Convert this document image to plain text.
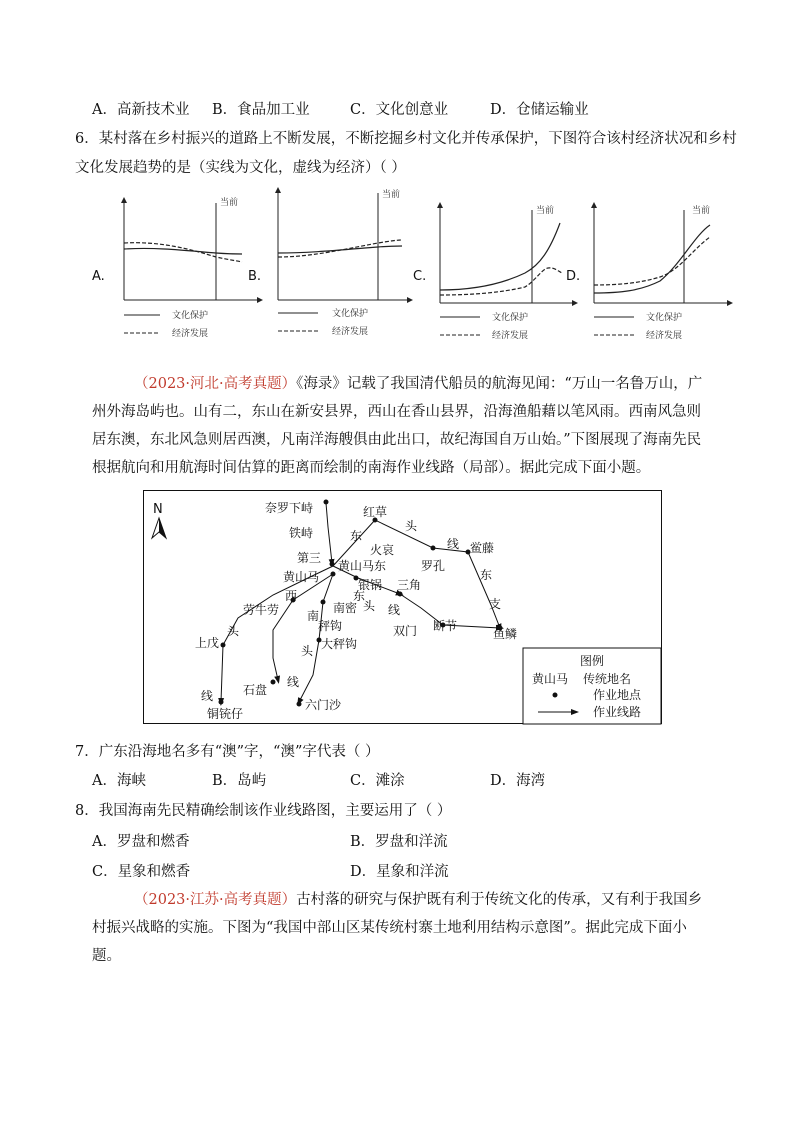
A．高新技术业 B．食品加工业	C．文化创意业	D．仓储运输业
6．某村落在乡村振兴的道路上不断发展，不断挖掘乡村文化并传承保护，下图符合该村经济状况和乡村
文化发展趋势的是（实线为文化，虚线为经济）（ ）
A.
当前
文化保护
经济发展
B.
当前
文化保护
经济发展
C.
当前
文化保护
经济发展
D.
当前
文化保护
经济发展
（2023·河北·高考真题）《海录》记载了我国清代船员的航海见闻：“万山一名鲁万山，广州外海岛屿也。山有二，东山在新安县界，西山在香山县界，沿海渔船藉以笔风雨。西南风急则居东澳，东北风急则居西澳，凡南洋海艘俱由此出口，故纪海国自万山始。”下图展现了海南先民根据航向和用航海时间估算的距离而绘制的南海作业线路（局部）。据此完成下面小题。
N	奈罗下峙
铁峙
第三
红草
火哀
罗孔
鲎藤
黄山马
黄山马东
银锅 三角
双门 断节
鱼鳞
南密
劳牛劳
上戊
秤钩
大秤钩
石盘
铜铳仔
六门沙
头
线
东
东
支
西	东
头 线
南
头
头
线
线
图例
黄山马 传统地名
作业地点
作业线路
7．广东沿海地名多有“澳”字，“澳”字代表（ ）
A．海峡	B．岛屿	C．滩涂	D．海湾
8．我国海南先民精确绘制该作业线路图，主要运用了（ ）
A．罗盘和燃香	B．罗盘和洋流
C．星象和燃香	D．星象和洋流
（2023·江苏·高考真题）古村落的研究与保护既有利于传统文化的传承，又有利于我国乡村振兴战略的实施。下图为“我国中部山区某传统村寨土地利用结构示意图”。据此完成下面小题。
